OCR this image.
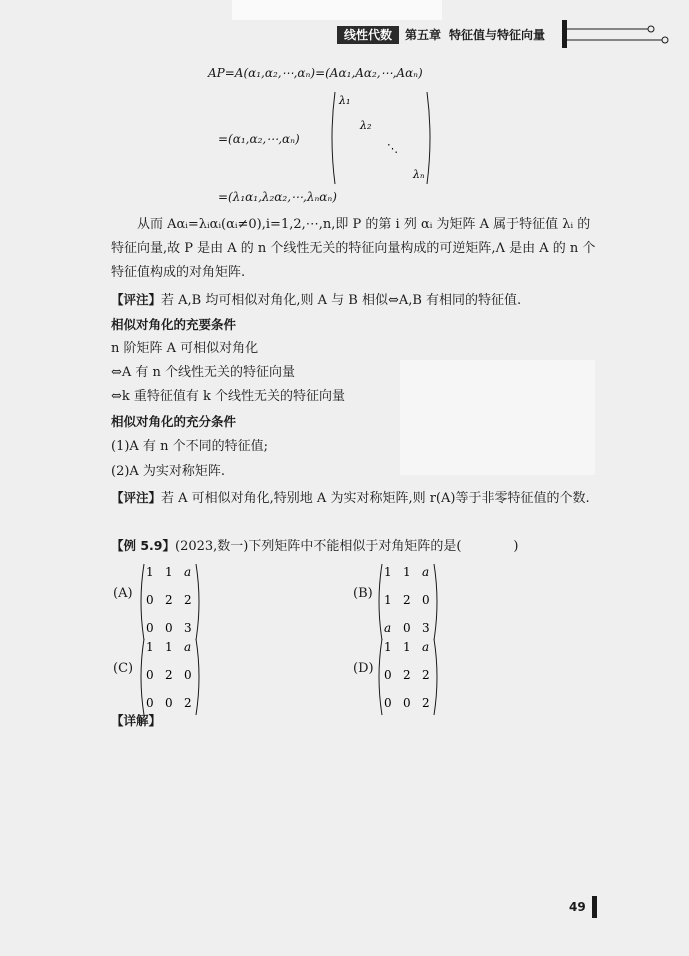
线性代数	第五章 特征值与特征向量
AP=A(α₁,α₂,⋯,αₙ)=(Aα₁,Aα₂,⋯,Aαₙ)
=(α₁,α₂,⋯,αₙ)
λ₁
λ₂
⋱
λₙ
=(λ₁α₁,λ₂α₂,⋯,λₙαₙ)
从而 Aαᵢ=λᵢαᵢ(αᵢ≠0),i=1,2,⋯,n,即 P 的第 i 列 αᵢ 为矩阵 A 属于特征值 λᵢ 的特征向量,故 P 是由 A 的 n 个线性无关的特征向量构成的可逆矩阵,Λ 是由 A 的 n 个特征值构成的对角矩阵.
【评注】若 A,B 均可相似对角化,则 A 与 B 相似⇔A,B 有相同的特征值.
相似对角化的充要条件
n 阶矩阵 A 可相似对角化
⇔A 有 n 个线性无关的特征向量
⇔k 重特征值有 k 个线性无关的特征向量
相似对角化的充分条件
(1)A 有 n 个不同的特征值;
(2)A 为实对称矩阵.
【评注】若 A 可相似对角化,特别地 A 为实对称矩阵,则 r(A)等于非零特征值的个数.
【例 5.9】(2023,数一)下列矩阵中不能相似于对角矩阵的是(　　　　)
(A)
1 1 a
0 2 2
0 0 3
(B)
1 1 a
1 2 0
a 0 3
(C)
1 1 a
0 2 0
0 0 2
(D)
1 1 a
0 2 2
0 0 2
【详解】
49
